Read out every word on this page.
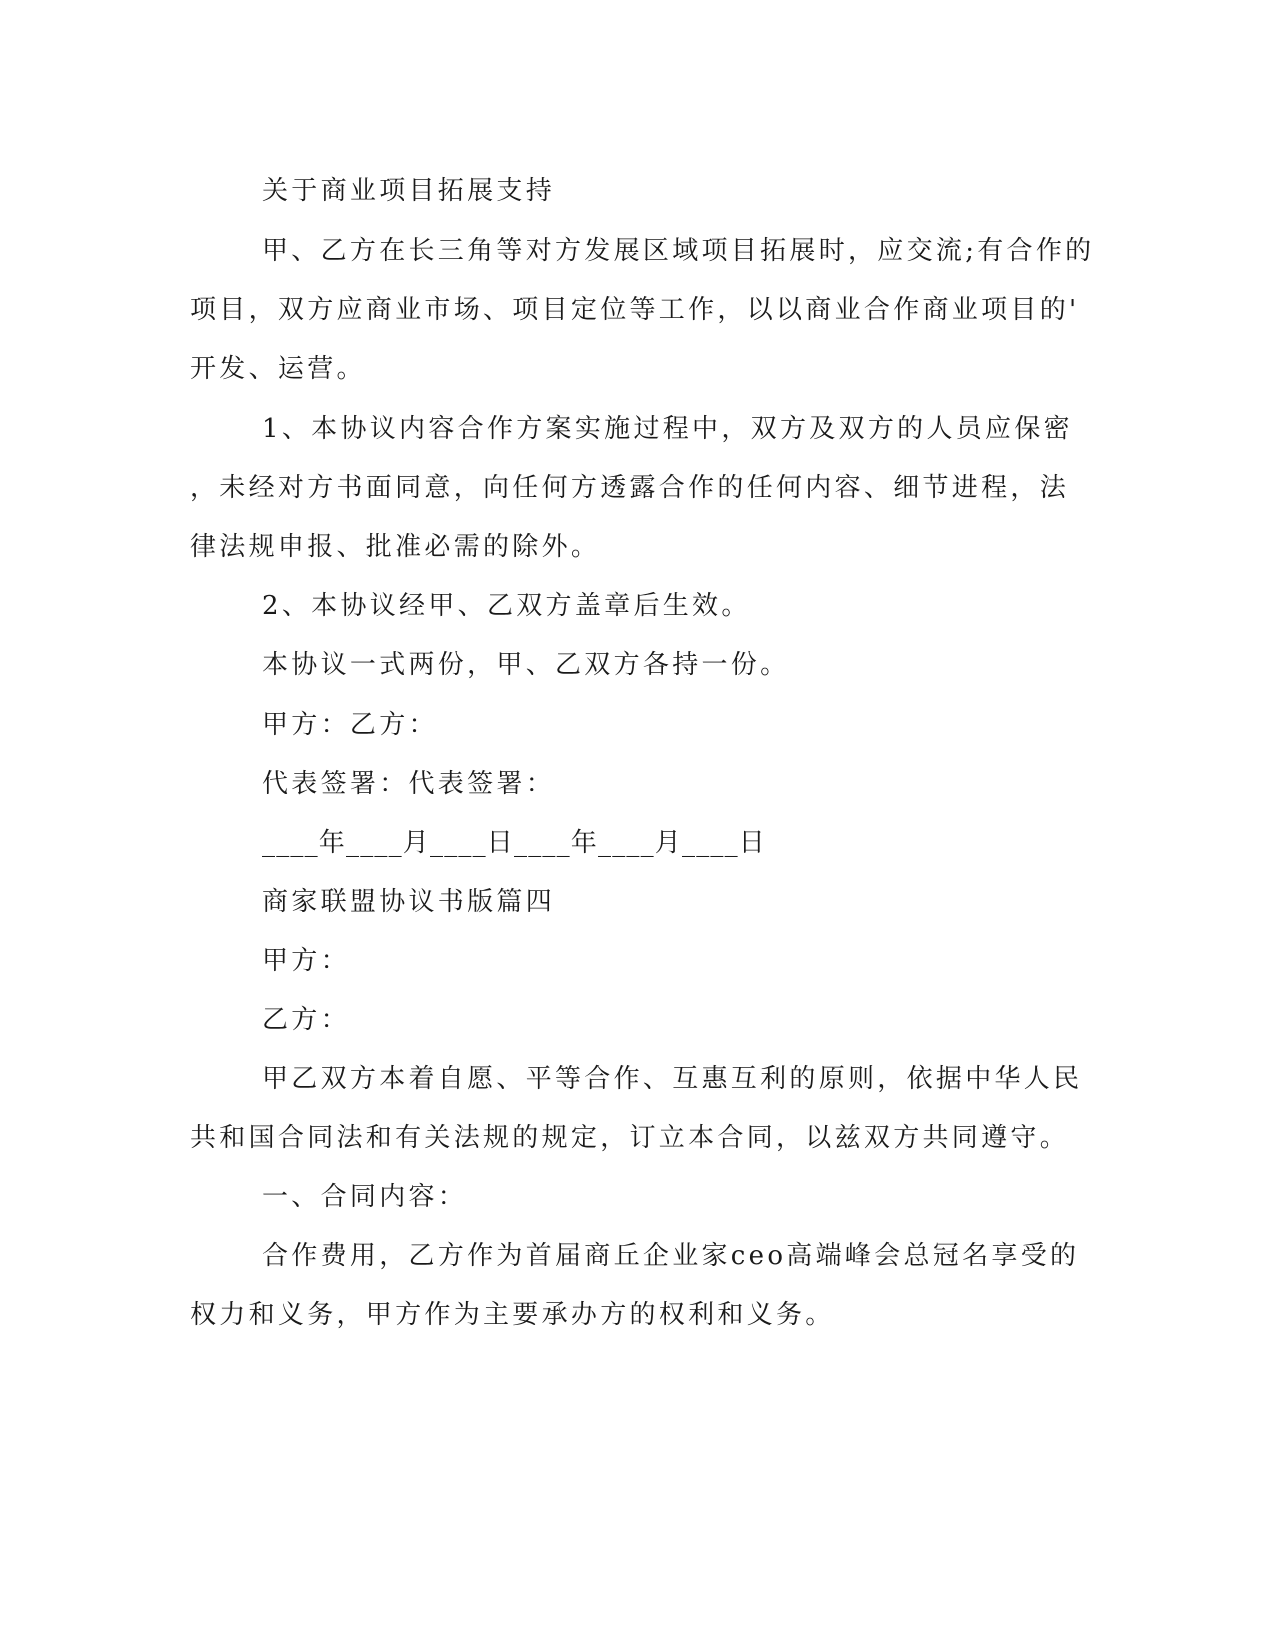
关于商业项目拓展支持
甲、乙方在长三角等对方发展区域项目拓展时，应交流;有合作的
项目，双方应商业市场、项目定位等工作，以以商业合作商业项目的'
开发、运营。
1、本协议内容合作方案实施过程中，双方及双方的人员应保密
，未经对方书面同意，向任何方透露合作的任何内容、细节进程，法
律法规申报、批准必需的除外。
2、本协议经甲、乙双方盖章后生效。
本协议一式两份，甲、乙双方各持一份。
甲方：乙方：
代表签署：代表签署：
____年____月____日____年____月____日
商家联盟协议书版篇四
甲方：
乙方：
甲乙双方本着自愿、平等合作、互惠互利的原则，依据中华人民
共和国合同法和有关法规的规定，订立本合同，以兹双方共同遵守。
一、合同内容：
合作费用，乙方作为首届商丘企业家ceo高端峰会总冠名享受的
权力和义务，甲方作为主要承办方的权利和义务。
